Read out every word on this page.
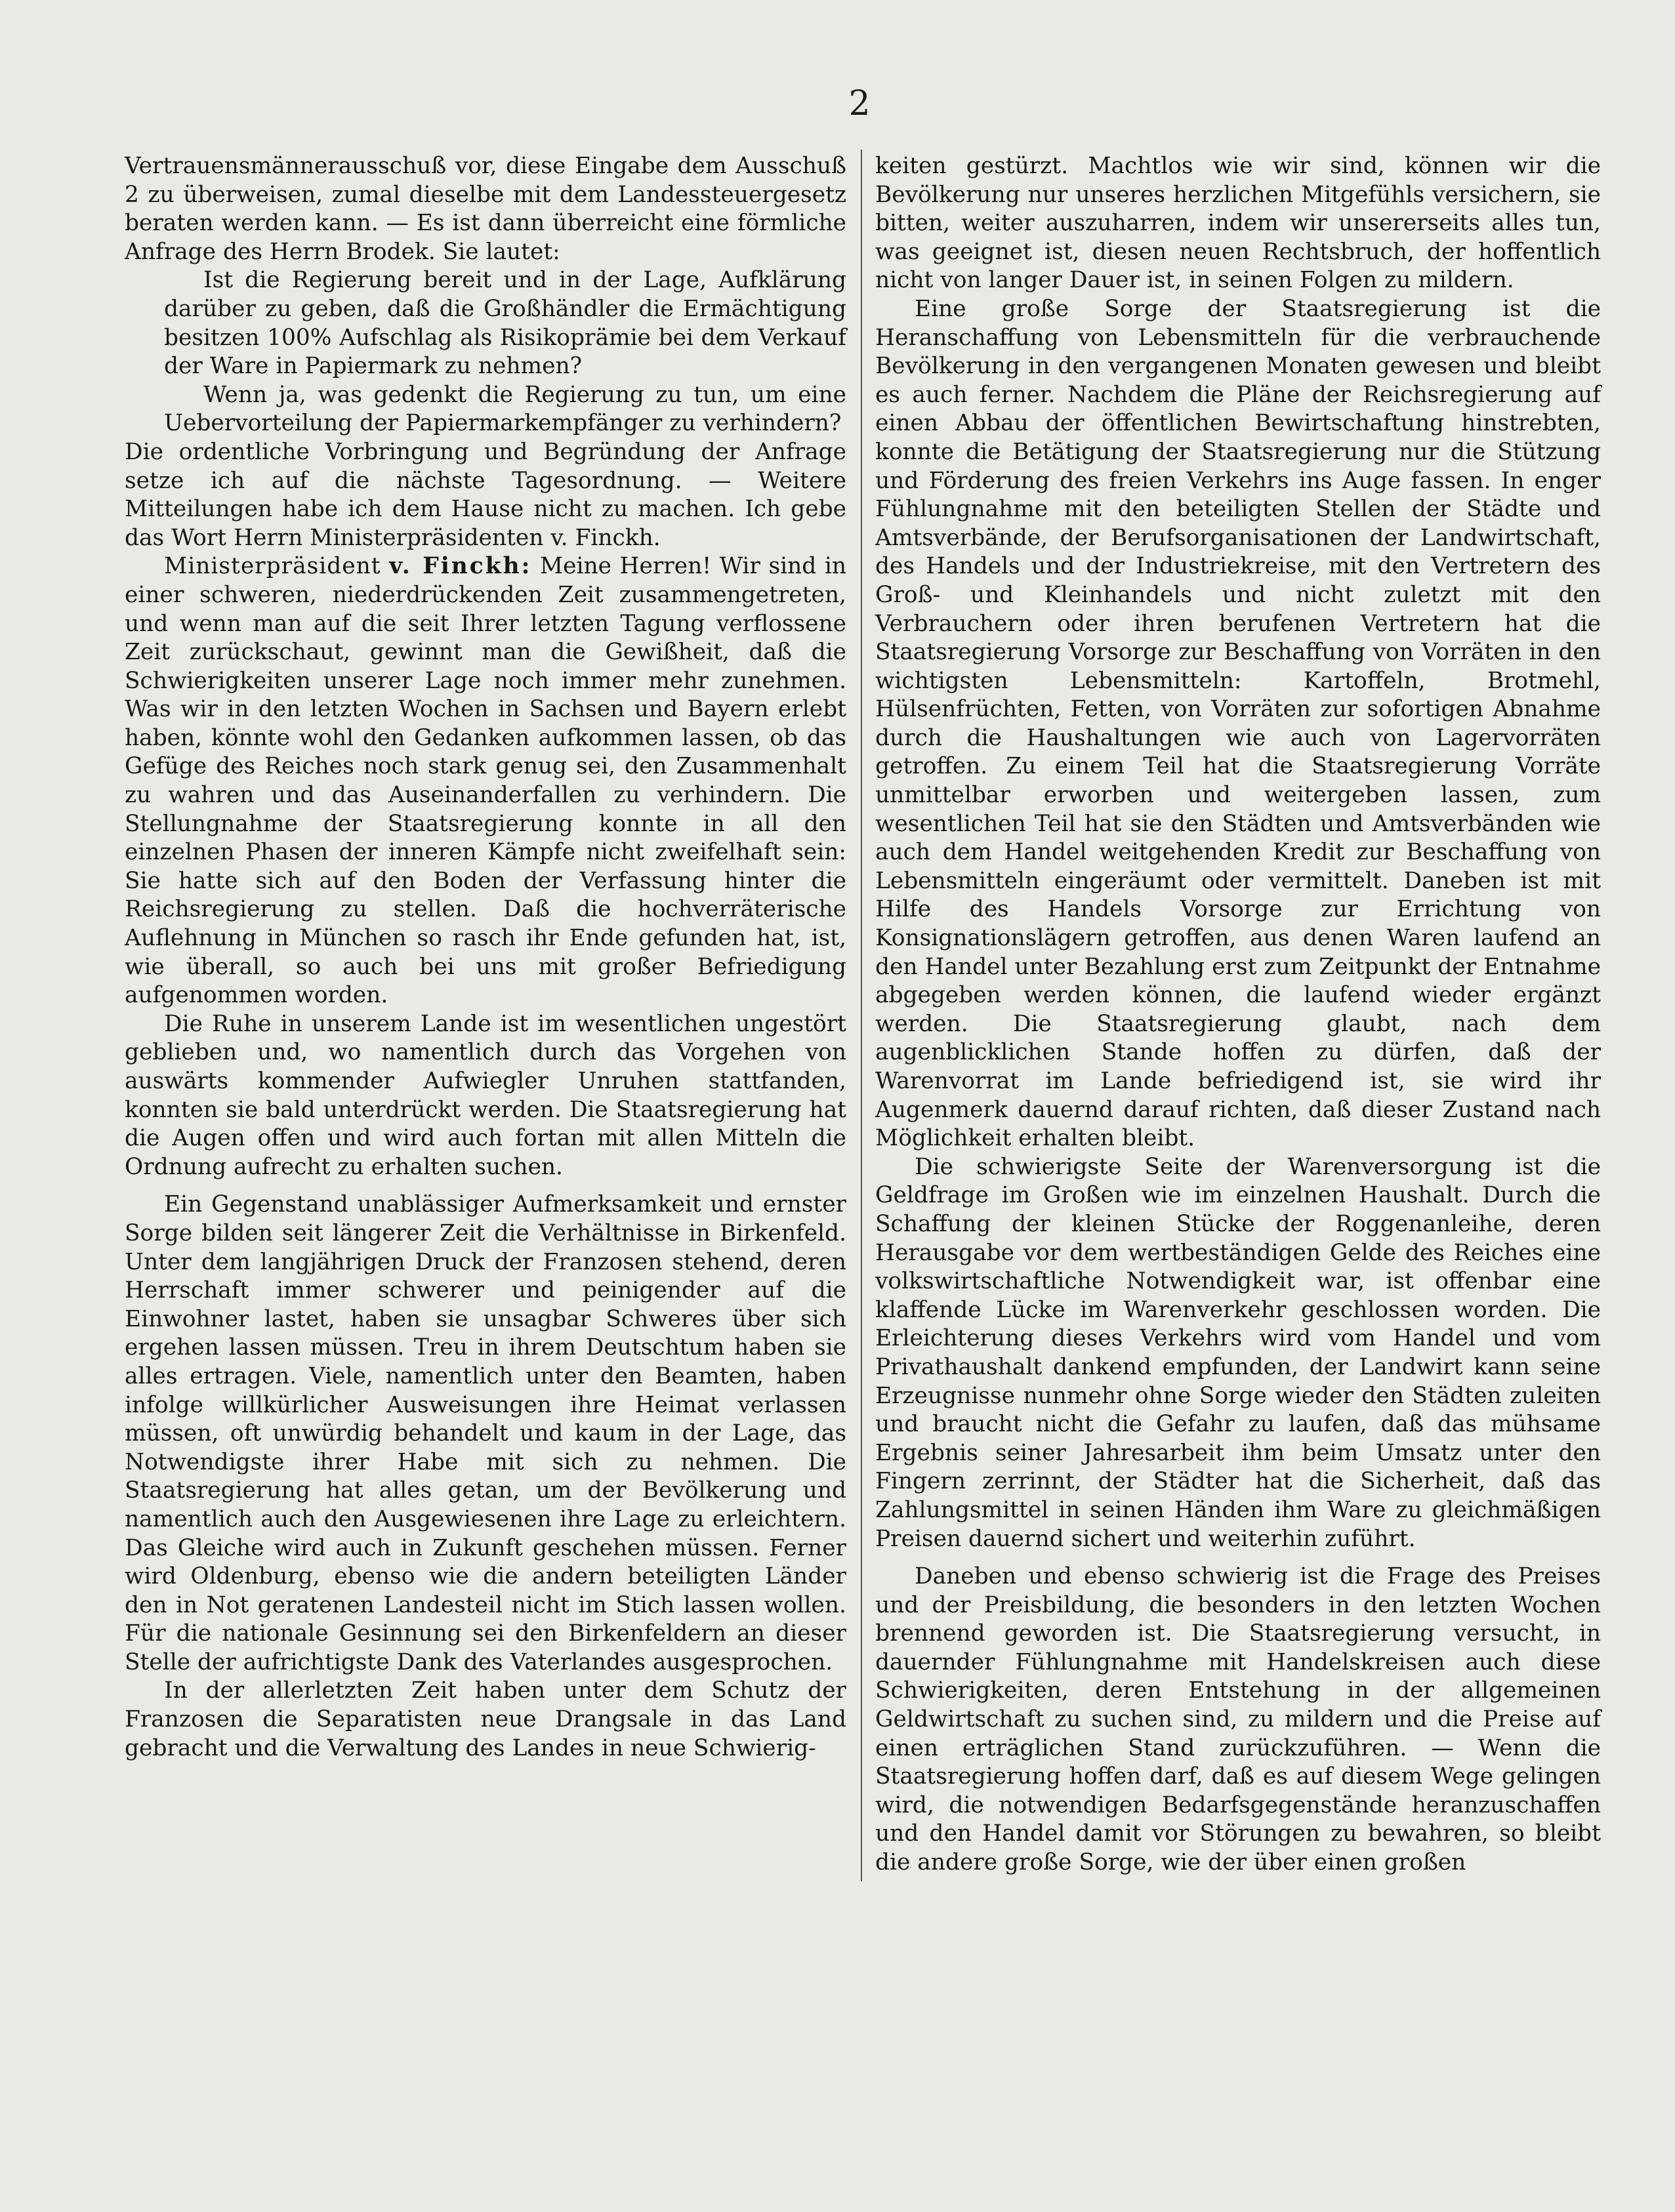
2

Vertrauensmännerausschuß vor, diese Eingabe dem Ausschuß 2 zu überweisen, zumal dieselbe mit dem Landessteuergesetz beraten werden kann. — Es ist dann überreicht eine förmliche Anfrage des Herrn Brodek. Sie lautet:

Ist die Regierung bereit und in der Lage, Aufklärung darüber zu geben, daß die Großhändler die Ermächtigung besitzen 100% Aufschlag als Risikoprämie bei dem Verkauf der Ware in Papiermark zu nehmen?

Wenn ja, was gedenkt die Regierung zu tun, um eine Uebervorteilung der Papiermarkempfänger zu verhindern?

Die ordentliche Vorbringung und Begründung der Anfrage setze ich auf die nächste Tagesordnung. — Weitere Mitteilungen habe ich dem Hause nicht zu machen. Ich gebe das Wort Herrn Ministerpräsidenten v. Finckh.

Ministerpräsident v. Finckh: Meine Herren! Wir sind in einer schweren, niederdrückenden Zeit zusammengetreten, und wenn man auf die seit Ihrer letzten Tagung verflossene Zeit zurückschaut, gewinnt man die Gewißheit, daß die Schwierigkeiten unserer Lage noch immer mehr zunehmen. Was wir in den letzten Wochen in Sachsen und Bayern erlebt haben, könnte wohl den Gedanken aufkommen lassen, ob das Gefüge des Reiches noch stark genug sei, den Zusammenhalt zu wahren und das Auseinanderfallen zu verhindern. Die Stellungnahme der Staatsregierung konnte in all den einzelnen Phasen der inneren Kämpfe nicht zweifelhaft sein: Sie hatte sich auf den Boden der Verfassung hinter die Reichsregierung zu stellen. Daß die hochverräterische Auflehnung in München so rasch ihr Ende gefunden hat, ist, wie überall, so auch bei uns mit großer Befriedigung aufgenommen worden.

Die Ruhe in unserem Lande ist im wesentlichen ungestört geblieben und, wo namentlich durch das Vorgehen von auswärts kommender Aufwiegler Unruhen stattfanden, konnten sie bald unterdrückt werden. Die Staatsregierung hat die Augen offen und wird auch fortan mit allen Mitteln die Ordnung aufrecht zu erhalten suchen.

Ein Gegenstand unablässiger Aufmerksamkeit und ernster Sorge bilden seit längerer Zeit die Verhältnisse in Birkenfeld. Unter dem langjährigen Druck der Franzosen stehend, deren Herrschaft immer schwerer und peinigender auf die Einwohner lastet, haben sie unsagbar Schweres über sich ergehen lassen müssen. Treu in ihrem Deutschtum haben sie alles ertragen. Viele, namentlich unter den Beamten, haben infolge willkürlicher Ausweisungen ihre Heimat verlassen müssen, oft unwürdig behandelt und kaum in der Lage, das Notwendigste ihrer Habe mit sich zu nehmen. Die Staatsregierung hat alles getan, um der Bevölkerung und namentlich auch den Ausgewiesenen ihre Lage zu erleichtern. Das Gleiche wird auch in Zukunft geschehen müssen. Ferner wird Oldenburg, ebenso wie die andern beteiligten Länder den in Not geratenen Landesteil nicht im Stich lassen wollen. Für die nationale Gesinnung sei den Birkenfeldern an dieser Stelle der aufrichtigste Dank des Vaterlandes ausgesprochen.

In der allerletzten Zeit haben unter dem Schutz der Franzosen die Separatisten neue Drangsale in das Land gebracht und die Verwaltung des Landes in neue Schwierig-

keiten gestürzt. Machtlos wie wir sind, können wir die Bevölkerung nur unseres herzlichen Mitgefühls versichern, sie bitten, weiter auszuharren, indem wir unsererseits alles tun, was geeignet ist, diesen neuen Rechtsbruch, der hoffentlich nicht von langer Dauer ist, in seinen Folgen zu mildern.

Eine große Sorge der Staatsregierung ist die Heranschaffung von Lebensmitteln für die verbrauchende Bevölkerung in den vergangenen Monaten gewesen und bleibt es auch ferner. Nachdem die Pläne der Reichsregierung auf einen Abbau der öffentlichen Bewirtschaftung hinstrebten, konnte die Betätigung der Staatsregierung nur die Stützung und Förderung des freien Verkehrs ins Auge fassen. In enger Fühlungnahme mit den beteiligten Stellen der Städte und Amtsverbände, der Berufsorganisationen der Landwirtschaft, des Handels und der Industriekreise, mit den Vertretern des Groß- und Kleinhandels und nicht zuletzt mit den Verbrauchern oder ihren berufenen Vertretern hat die Staatsregierung Vorsorge zur Beschaffung von Vorräten in den wichtigsten Lebensmitteln: Kartoffeln, Brotmehl, Hülsenfrüchten, Fetten, von Vorräten zur sofortigen Abnahme durch die Haushaltungen wie auch von Lagervorräten getroffen. Zu einem Teil hat die Staatsregierung Vorräte unmittelbar erworben und weitergeben lassen, zum wesentlichen Teil hat sie den Städten und Amtsverbänden wie auch dem Handel weitgehenden Kredit zur Beschaffung von Lebensmitteln eingeräumt oder vermittelt. Daneben ist mit Hilfe des Handels Vorsorge zur Errichtung von Konsignationslägern getroffen, aus denen Waren laufend an den Handel unter Bezahlung erst zum Zeitpunkt der Entnahme abgegeben werden können, die laufend wieder ergänzt werden. Die Staatsregierung glaubt, nach dem augenblicklichen Stande hoffen zu dürfen, daß der Warenvorrat im Lande befriedigend ist, sie wird ihr Augenmerk dauernd darauf richten, daß dieser Zustand nach Möglichkeit erhalten bleibt.

Die schwierigste Seite der Warenversorgung ist die Geldfrage im Großen wie im einzelnen Haushalt. Durch die Schaffung der kleinen Stücke der Roggenanleihe, deren Herausgabe vor dem wertbeständigen Gelde des Reiches eine volkswirtschaftliche Notwendigkeit war, ist offenbar eine klaffende Lücke im Warenverkehr geschlossen worden. Die Erleichterung dieses Verkehrs wird vom Handel und vom Privathaushalt dankend empfunden, der Landwirt kann seine Erzeugnisse nunmehr ohne Sorge wieder den Städten zuleiten und braucht nicht die Gefahr zu laufen, daß das mühsame Ergebnis seiner Jahresarbeit ihm beim Umsatz unter den Fingern zerrinnt, der Städter hat die Sicherheit, daß das Zahlungsmittel in seinen Händen ihm Ware zu gleichmäßigen Preisen dauernd sichert und weiterhin zuführt.

Daneben und ebenso schwierig ist die Frage des Preises und der Preisbildung, die besonders in den letzten Wochen brennend geworden ist. Die Staatsregierung versucht, in dauernder Fühlungnahme mit Handelskreisen auch diese Schwierigkeiten, deren Entstehung in der allgemeinen Geldwirtschaft zu suchen sind, zu mildern und die Preise auf einen erträglichen Stand zurückzuführen. — Wenn die Staatsregierung hoffen darf, daß es auf diesem Wege gelingen wird, die notwendigen Bedarfsgegenstände heranzuschaffen und den Handel damit vor Störungen zu bewahren, so bleibt die andere große Sorge, wie der über einen großen
